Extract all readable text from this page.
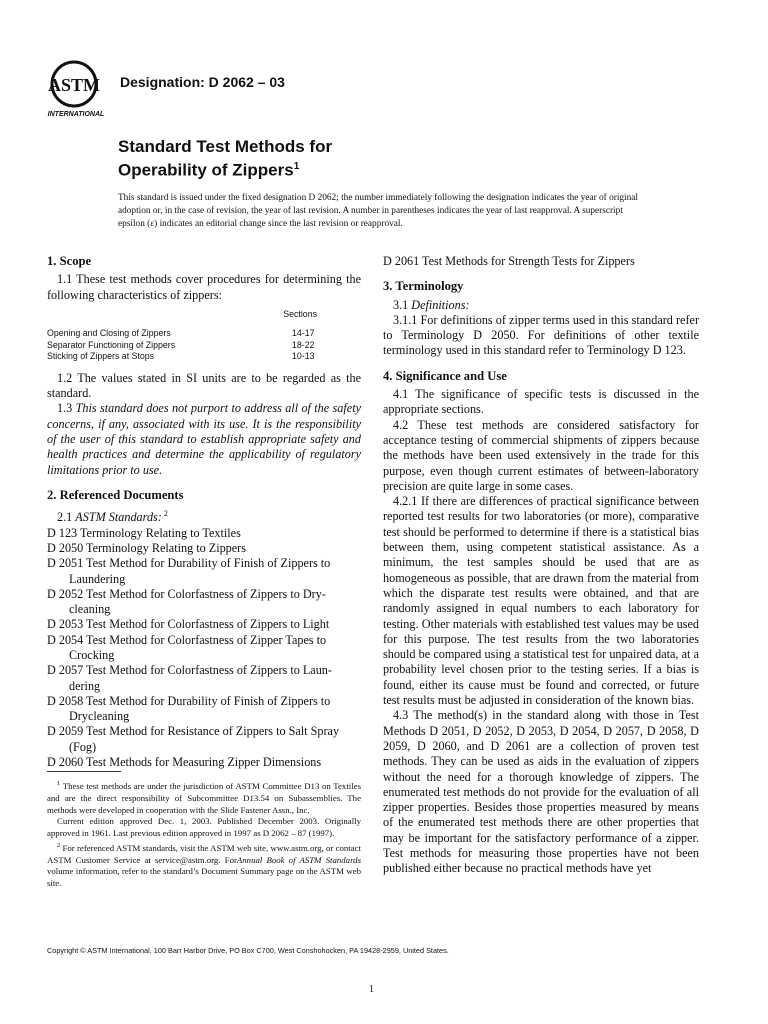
ASTM
INTERNATIONAL
Designation: D 2062 – 03
Standard Test Methods for
Operability of Zippers$^1$
This standard is issued under the fixed designation D 2062; the number immediately following the designation indicates the year of original adoption or, in the case of revision, the year of last revision. A number in parentheses indicates the year of last reapproval. A superscript epsilon (ε) indicates an editorial change since the last revision or reapproval.

1. Scope

1.1 These test methods cover procedures for determining the following characteristics of zippers:

Sections
Opening and Closing of Zippers	14-17
Separator Functioning of Zippers	18-22
Sticking of Zippers at Stops	10-13

1.2 The values stated in SI units are to be regarded as the standard.

1.3 This standard does not purport to address all of the safety concerns, if any, associated with its use. It is the responsibility of the user of this standard to establish appropriate safety and health practices and determine the applicability of regulatory limitations prior to use.

2. Referenced Documents

2.1 ASTM Standards: $^2$

D 123 Terminology Relating to Textiles

D 2050 Terminology Relating to Zippers

D 2051 Test Method for Durability of Finish of Zippers to
Laundering

D 2052 Test Method for Colorfastness of Zippers to Dry-
cleaning

D 2053 Test Method for Colorfastness of Zippers to Light

D 2054 Test Method for Colorfastness of Zipper Tapes to
Crocking

D 2057 Test Method for Colorfastness of Zippers to Laun-
dering

D 2058 Test Method for Durability of Finish of Zippers to
Drycleaning

D 2059 Test Method for Resistance of Zippers to Salt Spray
(Fog)

D 2060 Test Methods for Measuring Zipper Dimensions

D 2061 Test Methods for Strength Tests for Zippers

3. Terminology

3.1 Definitions:

3.1.1 For definitions of zipper terms used in this standard refer to Terminology D 2050. For definitions of other textile terminology used in this standard refer to Terminology D 123.

4. Significance and Use

4.1 The significance of specific tests is discussed in the appropriate sections.

4.2 These test methods are considered satisfactory for acceptance testing of commercial shipments of zippers because the methods have been used extensively in the trade for this purpose, even though current estimates of between-laboratory precision are quite large in some cases.

4.2.1 If there are differences of practical significance between reported test results for two laboratories (or more), comparative test should be performed to determine if there is a statistical bias between them, using competent statistical assistance. As a minimum, the test samples should be used that are as homogeneous as possible, that are drawn from the material from which the disparate test results were obtained, and that are randomly assigned in equal numbers to each laboratory for testing. Other materials with established test values may be used for this purpose. The test results from the two laboratories should be compared using a statistical test for unpaired data, at a probability level chosen prior to the testing series. If a bias is found, either its cause must be found and corrected, or future test results must be adjusted in consideration of the known bias.

4.3 The method(s) in the standard along with those in Test Methods D 2051, D 2052, D 2053, D 2054, D 2057, D 2058, D 2059, D 2060, and D 2061 are a collection of proven test methods. They can be used as aids in the evaluation of zippers without the need for a thorough knowledge of zippers. The enumerated test methods do not provide for the evaluation of all zipper properties. Besides those properties measured by means of the enumerated test methods there are other properties that may be important for the satisfactory performance of a zipper. Test methods for measuring those properties have not been published either because no practical methods have yet

$^1$ These test methods are under the jurisdiction of ASTM Committee D13 on Textiles and are the direct responsibility of Subcommittee D13.54 on Subassemblies. The methods were developed in cooperation with the Slide Fastener Assn., Inc.

Current edition approved Dec. 1, 2003. Published December 2003. Originally approved in 1961. Last previous edition approved in 1997 as D 2062 – 87 (1997).

$^2$ For referenced ASTM standards, visit the ASTM web site, www.astm.org, or contact ASTM Customer Service at service@astm.org. ForAnnual Book of ASTM Standards volume information, refer to the standard’s Document Summary page on the ASTM web site.

Copyright © ASTM International, 100 Barr Harbor Drive, PO Box C700, West Conshohocken, PA 19428-2959, United States.
1
